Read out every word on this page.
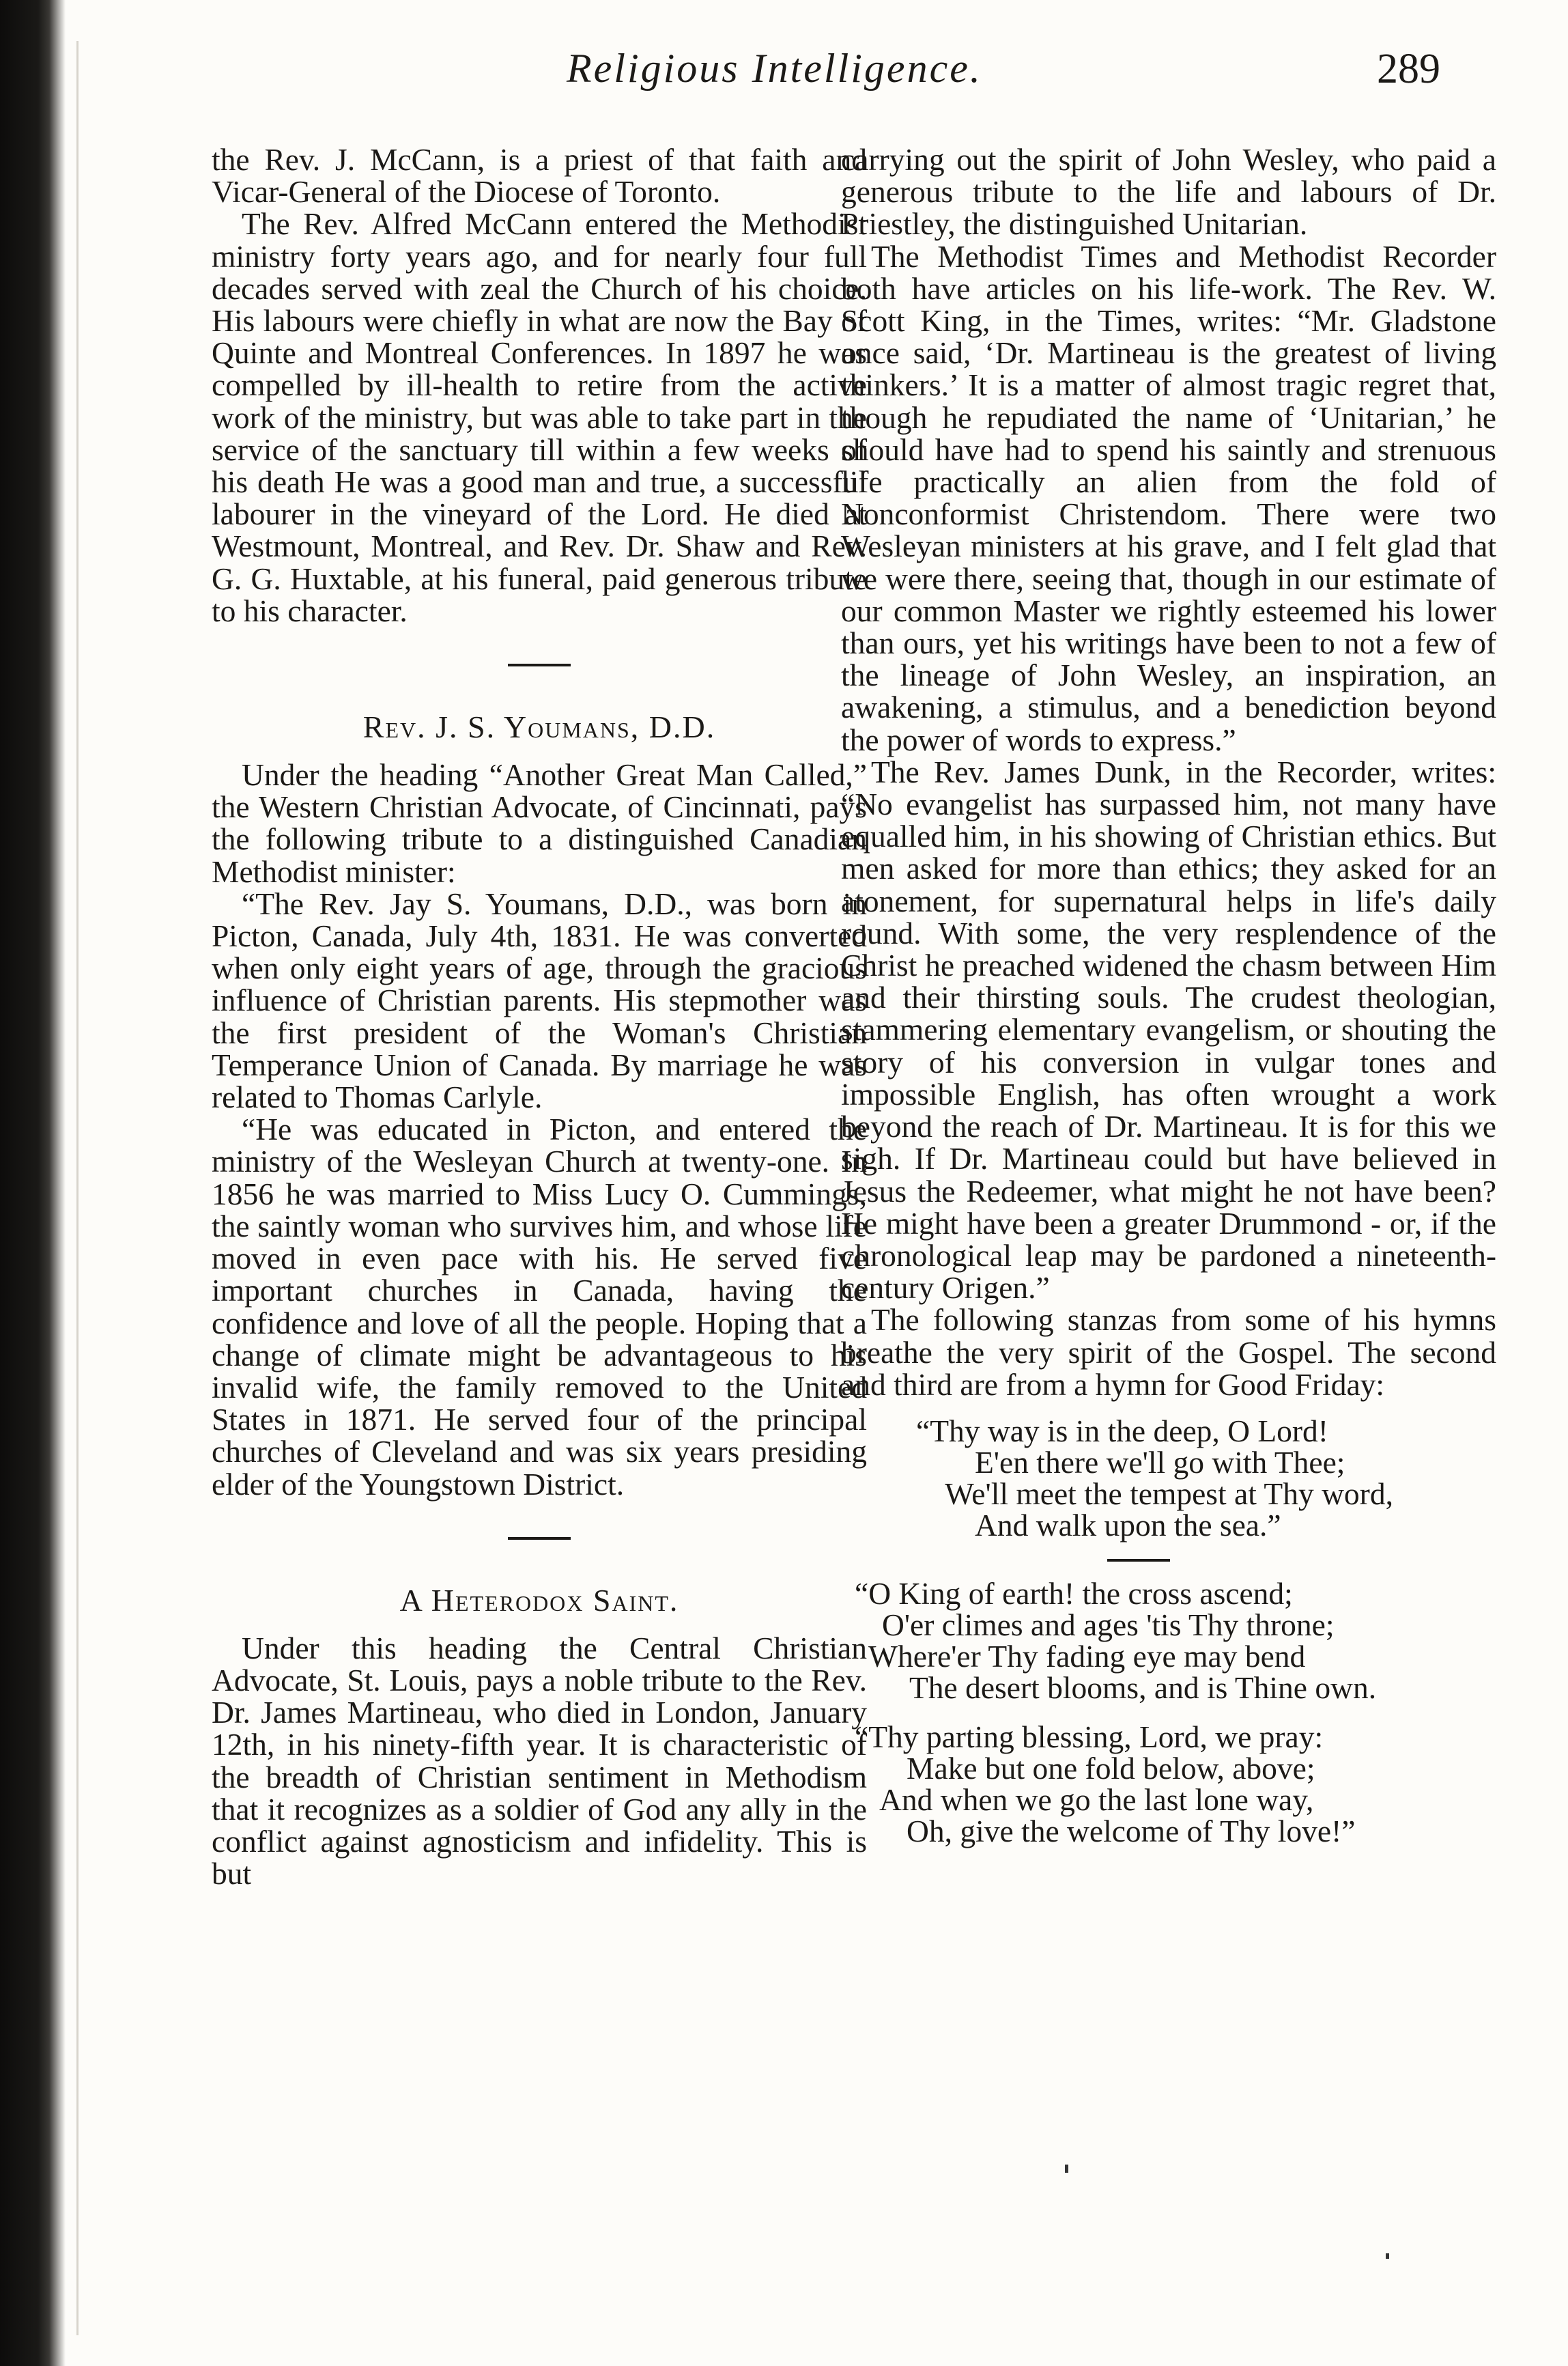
Religious Intelligence.	289

the Rev. J. McCann, is a priest of that faith and Vicar-General of the Diocese of Toronto.

The Rev. Alfred McCann entered the Methodist ministry forty years ago, and for nearly four full decades served with zeal the Church of his choice. His labours were chiefly in what are now the Bay of Quinte and Montreal Conferences. In 1897 he was compelled by ill-health to retire from the active work of the ministry, but was able to take part in the service of the sanctuary till within a few weeks of his death He was a good man and true, a successful labourer in the vineyard of the Lord. He died at Westmount, Montreal, and Rev. Dr. Shaw and Rev. G. G. Huxtable, at his funeral, paid generous tribute to his character.

Rev. J. S. Youmans, D.D.

Under the heading “Another Great Man Called,” the Western Christian Advocate, of Cincinnati, pays the following tribute to a distinguished Canadian Methodist minister:

“The Rev. Jay S. Youmans, D.D., was born in Picton, Canada, July 4th, 1831. He was converted when only eight years of age, through the gracious influence of Christian parents. His stepmother was the first president of the Woman's Christian Temperance Union of Canada. By marriage he was related to Thomas Carlyle.

“He was educated in Picton, and entered the ministry of the Wesleyan Church at twenty-one. In 1856 he was married to Miss Lucy O. Cummings, the saintly woman who survives him, and whose life moved in even pace with his. He served five important churches in Canada, having the confidence and love of all the people. Hoping that a change of climate might be advantageous to his invalid wife, the family removed to the United States in 1871. He served four of the principal churches of Cleveland and was six years presiding elder of the Youngstown District.

A Heterodox Saint.

Under this heading the Central Christian Advocate, St. Louis, pays a noble tribute to the Rev. Dr. James Martineau, who died in London, January 12th, in his ninety-fifth year. It is characteristic of the breadth of Christian sentiment in Methodism that it recognizes as a soldier of God any ally in the conflict against agnosticism and infidelity. This is but

carrying out the spirit of John Wesley, who paid a generous tribute to the life and labours of Dr. Priestley, the distinguished Unitarian.

The Methodist Times and Methodist Recorder both have articles on his life-work. The Rev. W. Scott King, in the Times, writes: “Mr. Gladstone once said, ‘Dr. Martineau is the greatest of living thinkers.’ It is a matter of almost tragic regret that, though he repudiated the name of ‘Unitarian,’ he should have had to spend his saintly and strenuous life practically an alien from the fold of Nonconformist Christendom. There were two Wesleyan ministers at his grave, and I felt glad that we were there, seeing that, though in our estimate of our common Master we rightly esteemed his lower than ours, yet his writings have been to not a few of the lineage of John Wesley, an inspiration, an awakening, a stimulus, and a benediction beyond the power of words to express.”

The Rev. James Dunk, in the Recorder, writes: “No evangelist has surpassed him, not many have equalled him, in his showing of Christian ethics. But men asked for more than ethics; they asked for an atonement, for supernatural helps in life's daily round. With some, the very resplendence of the Christ he preached widened the chasm between Him and their thirsting souls. The crudest theologian, stammering elementary evangelism, or shouting the story of his conversion in vulgar tones and impossible English, has often wrought a work beyond the reach of Dr. Martineau. It is for this we sigh. If Dr. Martineau could but have believed in Jesus the Redeemer, what might he not have been? He might have been a greater Drummond - or, if the chronological leap may be pardoned a nineteenth-century Origen.”

The following stanzas from some of his hymns breathe the very spirit of the Gospel. The second and third are from a hymn for Good Friday:

“Thy way is in the deep, O Lord!
E'en there we'll go with Thee;
We'll meet the tempest at Thy word,
And walk upon the sea.”
“O King of earth! the cross ascend;
O'er climes and ages 'tis Thy throne;
Where'er Thy fading eye may bend
The desert blooms, and is Thine own.
“Thy parting blessing, Lord, we pray:
Make but one fold below, above;
And when we go the last lone way,
Oh, give the welcome of Thy love!”
